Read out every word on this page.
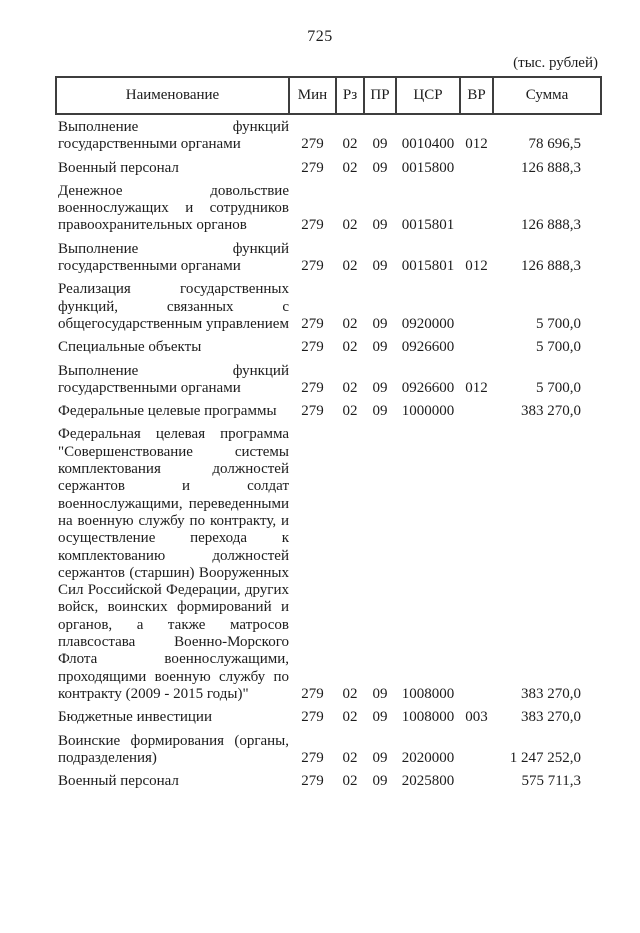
725
(тыс. рублей)
Наименование	Мин	Рз	ПР	ЦСР	ВР	Сумма
Выполнение функций государственными органами	279	02	09	0010400	012	78 696,5
Военный персонал	279	02	09	0015800		126 888,3
Денежное довольствие военнослужащих и сотрудников правоохранительных органов	279	02	09	0015801		126 888,3
Выполнение функций государственными органами	279	02	09	0015801	012	126 888,3
Реализация государственных функций, связанных с общегосударственным управлением	279	02	09	0920000		5 700,0
Специальные объекты	279	02	09	0926600		5 700,0
Выполнение функций государственными органами	279	02	09	0926600	012	5 700,0
Федеральные целевые программы	279	02	09	1000000		383 270,0
Федеральная целевая программа "Совершенствование системы комплектования должностей сержантов и солдат военнослужащими, переведенными на военную службу по контракту, и осуществление перехода к комплектованию должностей сержантов (старшин) Вооруженных Сил Российской Федерации, других войск, воинских формирований и органов, а также матросов плавсостава Военно-Морского Флота военнослужащими, проходящими военную службу по контракту (2009 - 2015 годы)"	279	02	09	1008000		383 270,0
Бюджетные инвестиции	279	02	09	1008000	003	383 270,0
Воинские формирования (органы, подразделения)	279	02	09	2020000		1 247 252,0
Военный персонал	279	02	09	2025800		575 711,3
